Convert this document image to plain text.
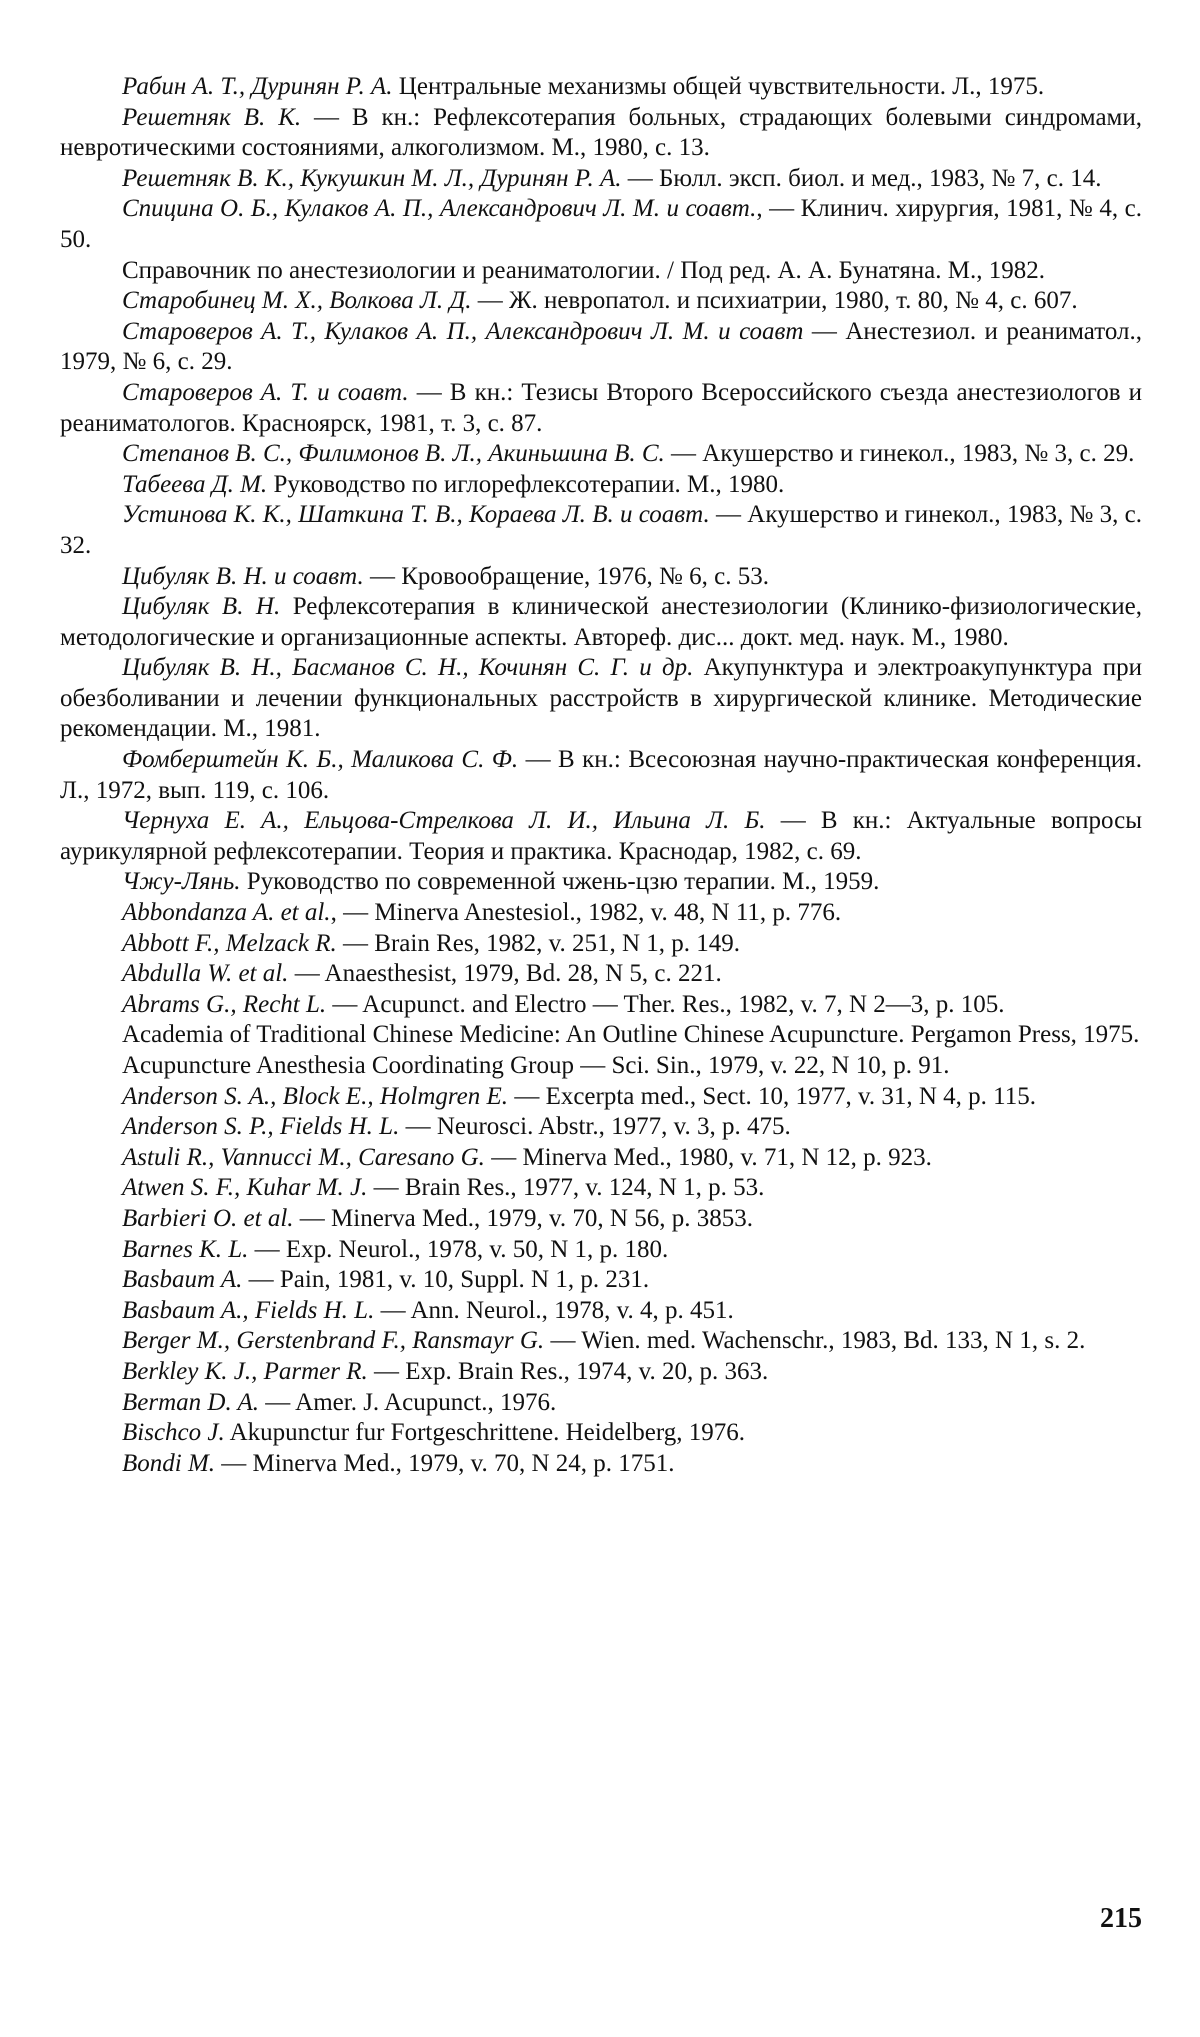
Рабин А. Т., Дуринян Р. А. Центральные механизмы общей чувствительности. Л., 1975.

Решетняк В. К. — В кн.: Рефлексотерапия больных, страдающих болевыми синдромами, невротическими состояниями, алкоголизмом. М., 1980, с. 13.

Решетняк В. К., Кукушкин М. Л., Дуринян Р. А. — Бюлл. эксп. биол. и мед., 1983, № 7, с. 14.

Спицина О. Б., Кулаков А. П., Александрович Л. М. и соавт., — Клинич. хирургия, 1981, № 4, с. 50.

Справочник по анестезиологии и реаниматологии. / Под ред. А. А. Бунатяна. М., 1982.

Старобинец М. Х., Волкова Л. Д. — Ж. невропатол. и психиатрии, 1980, т. 80, № 4, с. 607.

Староверов А. Т., Кулаков А. П., Александрович Л. М. и соавт — Анестезиол. и реаниматол., 1979, № 6, с. 29.

Староверов А. Т. и соавт. — В кн.: Тезисы Второго Всероссийского съезда анестезиологов и реаниматологов. Красноярск, 1981, т. 3, с. 87.

Степанов В. С., Филимонов В. Л., Акиньшина В. С. — Акушерство и гинекол., 1983, № 3, с. 29.

Табеева Д. М. Руководство по иглорефлексотерапии. М., 1980.

Устинова К. К., Шаткина Т. В., Кораева Л. В. и соавт. — Акушерство и гинекол., 1983, № 3, с. 32.

Цибуляк В. Н. и соавт. — Кровообращение, 1976, № 6, с. 53.

Цибуляк В. Н. Рефлексотерапия в клинической анестезиологии (Клинико-физиологические, методологические и организационные аспекты. Автореф. дис... докт. мед. наук. М., 1980.

Цибуляк В. Н., Басманов С. Н., Кочинян С. Г. и др. Акупунктура и электроакупунктура при обезболивании и лечении функциональных расстройств в хирургической клинике. Методические рекомендации. М., 1981.

Фомберштейн К. Б., Маликова С. Ф. — В кн.: Всесоюзная научно-практическая конференция. Л., 1972, вып. 119, с. 106.

Чернуха Е. А., Ельцова-Стрелкова Л. И., Ильина Л. Б. — В кн.: Актуальные вопросы аурикулярной рефлексотерапии. Теория и практика. Краснодар, 1982, с. 69.

Чжу-Лянь. Руководство по современной чжень-цзю терапии. М., 1959.

Abbondanza A. et al., — Minerva Anestesiol., 1982, v. 48, N 11, p. 776.

Abbott F., Melzack R. — Brain Res, 1982, v. 251, N 1, p. 149.

Abdulla W. et al. — Anaesthesist, 1979, Bd. 28, N 5, c. 221.

Abrams G., Recht L. — Acupunct. and Electro — Ther. Res., 1982, v. 7, N 2—3, p. 105.

Academia of Traditional Chinese Medicine: An Outline Chinese Acupuncture. Pergamon Press, 1975.

Acupuncture Anesthesia Coordinating Group — Sci. Sin., 1979, v. 22, N 10, p. 91.

Anderson S. A., Block E., Holmgren E. — Excerpta med., Sect. 10, 1977, v. 31, N 4, p. 115.

Anderson S. P., Fields H. L. — Neurosci. Abstr., 1977, v. 3, p. 475.

Astuli R., Vannucci M., Caresano G. — Minerva Med., 1980, v. 71, N 12, p. 923.

Atwen S. F., Kuhar M. J. — Brain Res., 1977, v. 124, N 1, p. 53.

Barbieri O. et al. — Minerva Med., 1979, v. 70, N 56, p. 3853.

Barnes K. L. — Exp. Neurol., 1978, v. 50, N 1, p. 180.

Basbaum A. — Pain, 1981, v. 10, Suppl. N 1, p. 231.

Basbaum A., Fields H. L. — Ann. Neurol., 1978, v. 4, p. 451.

Berger M., Gerstenbrand F., Ransmayr G. — Wien. med. Wachenschr., 1983, Bd. 133, N 1, s. 2.

Berkley K. J., Parmer R. — Exp. Brain Res., 1974, v. 20, p. 363.

Berman D. A. — Amer. J. Acupunct., 1976.

Bischco J. Akupunctur fur Fortgeschrittene. Heidelberg, 1976.

Bondi M. — Minerva Med., 1979, v. 70, N 24, p. 1751.

215
